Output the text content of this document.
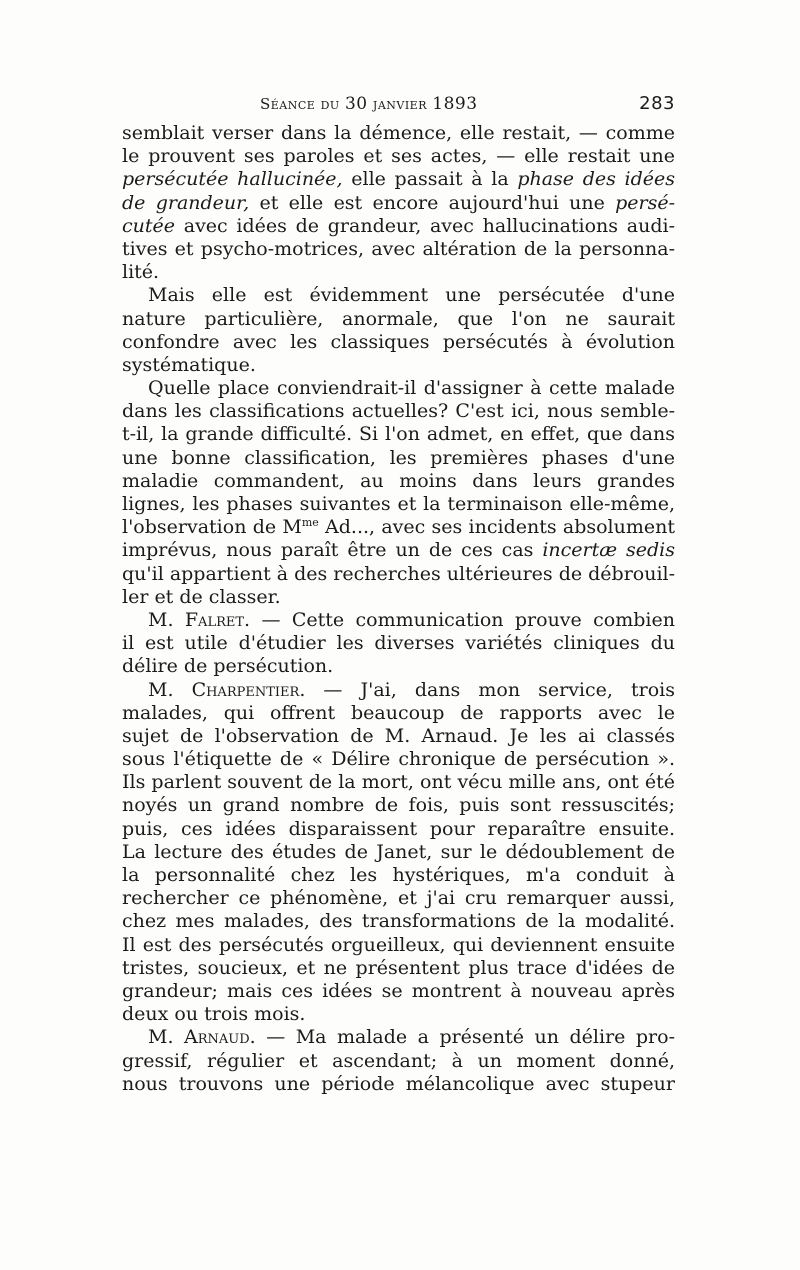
Séance du 30 janvier 1893	283
semblait verser dans la démence, elle restait, — comme
le prouvent ses paroles et ses actes, — elle restait une
persécutée hallucinée, elle passait à la phase des idées
de grandeur, et elle est encore aujourd'hui une persé-
cutée avec idées de grandeur, avec hallucinations audi-
tives et psycho-motrices, avec altération de la personna-
lité.
Mais elle est évidemment une persécutée d'une
nature particulière, anormale, que l'on ne saurait
confondre avec les classiques persécutés à évolution
systématique.
Quelle place conviendrait-il d'assigner à cette malade
dans les classifications actuelles? C'est ici, nous semble-
t-il, la grande difficulté. Si l'on admet, en effet, que dans
une bonne classification, les premières phases d'une
maladie commandent, au moins dans leurs grandes
lignes, les phases suivantes et la terminaison elle-même,
l'observation de $M^{me}$ Ad..., avec ses incidents absolument
imprévus, nous paraît être un de ces cas incertæ sedis
qu'il appartient à des recherches ultérieures de débrouil-
ler et de classer.
M. Falret. — Cette communication prouve combien
il est utile d'étudier les diverses variétés cliniques du
délire de persécution.
M. Charpentier. — J'ai, dans mon service, trois
malades, qui offrent beaucoup de rapports avec le
sujet de l'observation de M. Arnaud. Je les ai classés
sous l'étiquette de « Délire chronique de persécution ».
Ils parlent souvent de la mort, ont vécu mille ans, ont été
noyés un grand nombre de fois, puis sont ressuscités;
puis, ces idées disparaissent pour reparaître ensuite.
La lecture des études de Janet, sur le dédoublement de
la personnalité chez les hystériques, m'a conduit à
rechercher ce phénomène, et j'ai cru remarquer aussi,
chez mes malades, des transformations de la modalité.
Il est des persécutés orgueilleux, qui deviennent ensuite
tristes, soucieux, et ne présentent plus trace d'idées de
grandeur; mais ces idées se montrent à nouveau après
deux ou trois mois.
M. Arnaud. — Ma malade a présenté un délire pro-
gressif, régulier et ascendant; à un moment donné,
nous trouvons une période mélancolique avec stupeur
